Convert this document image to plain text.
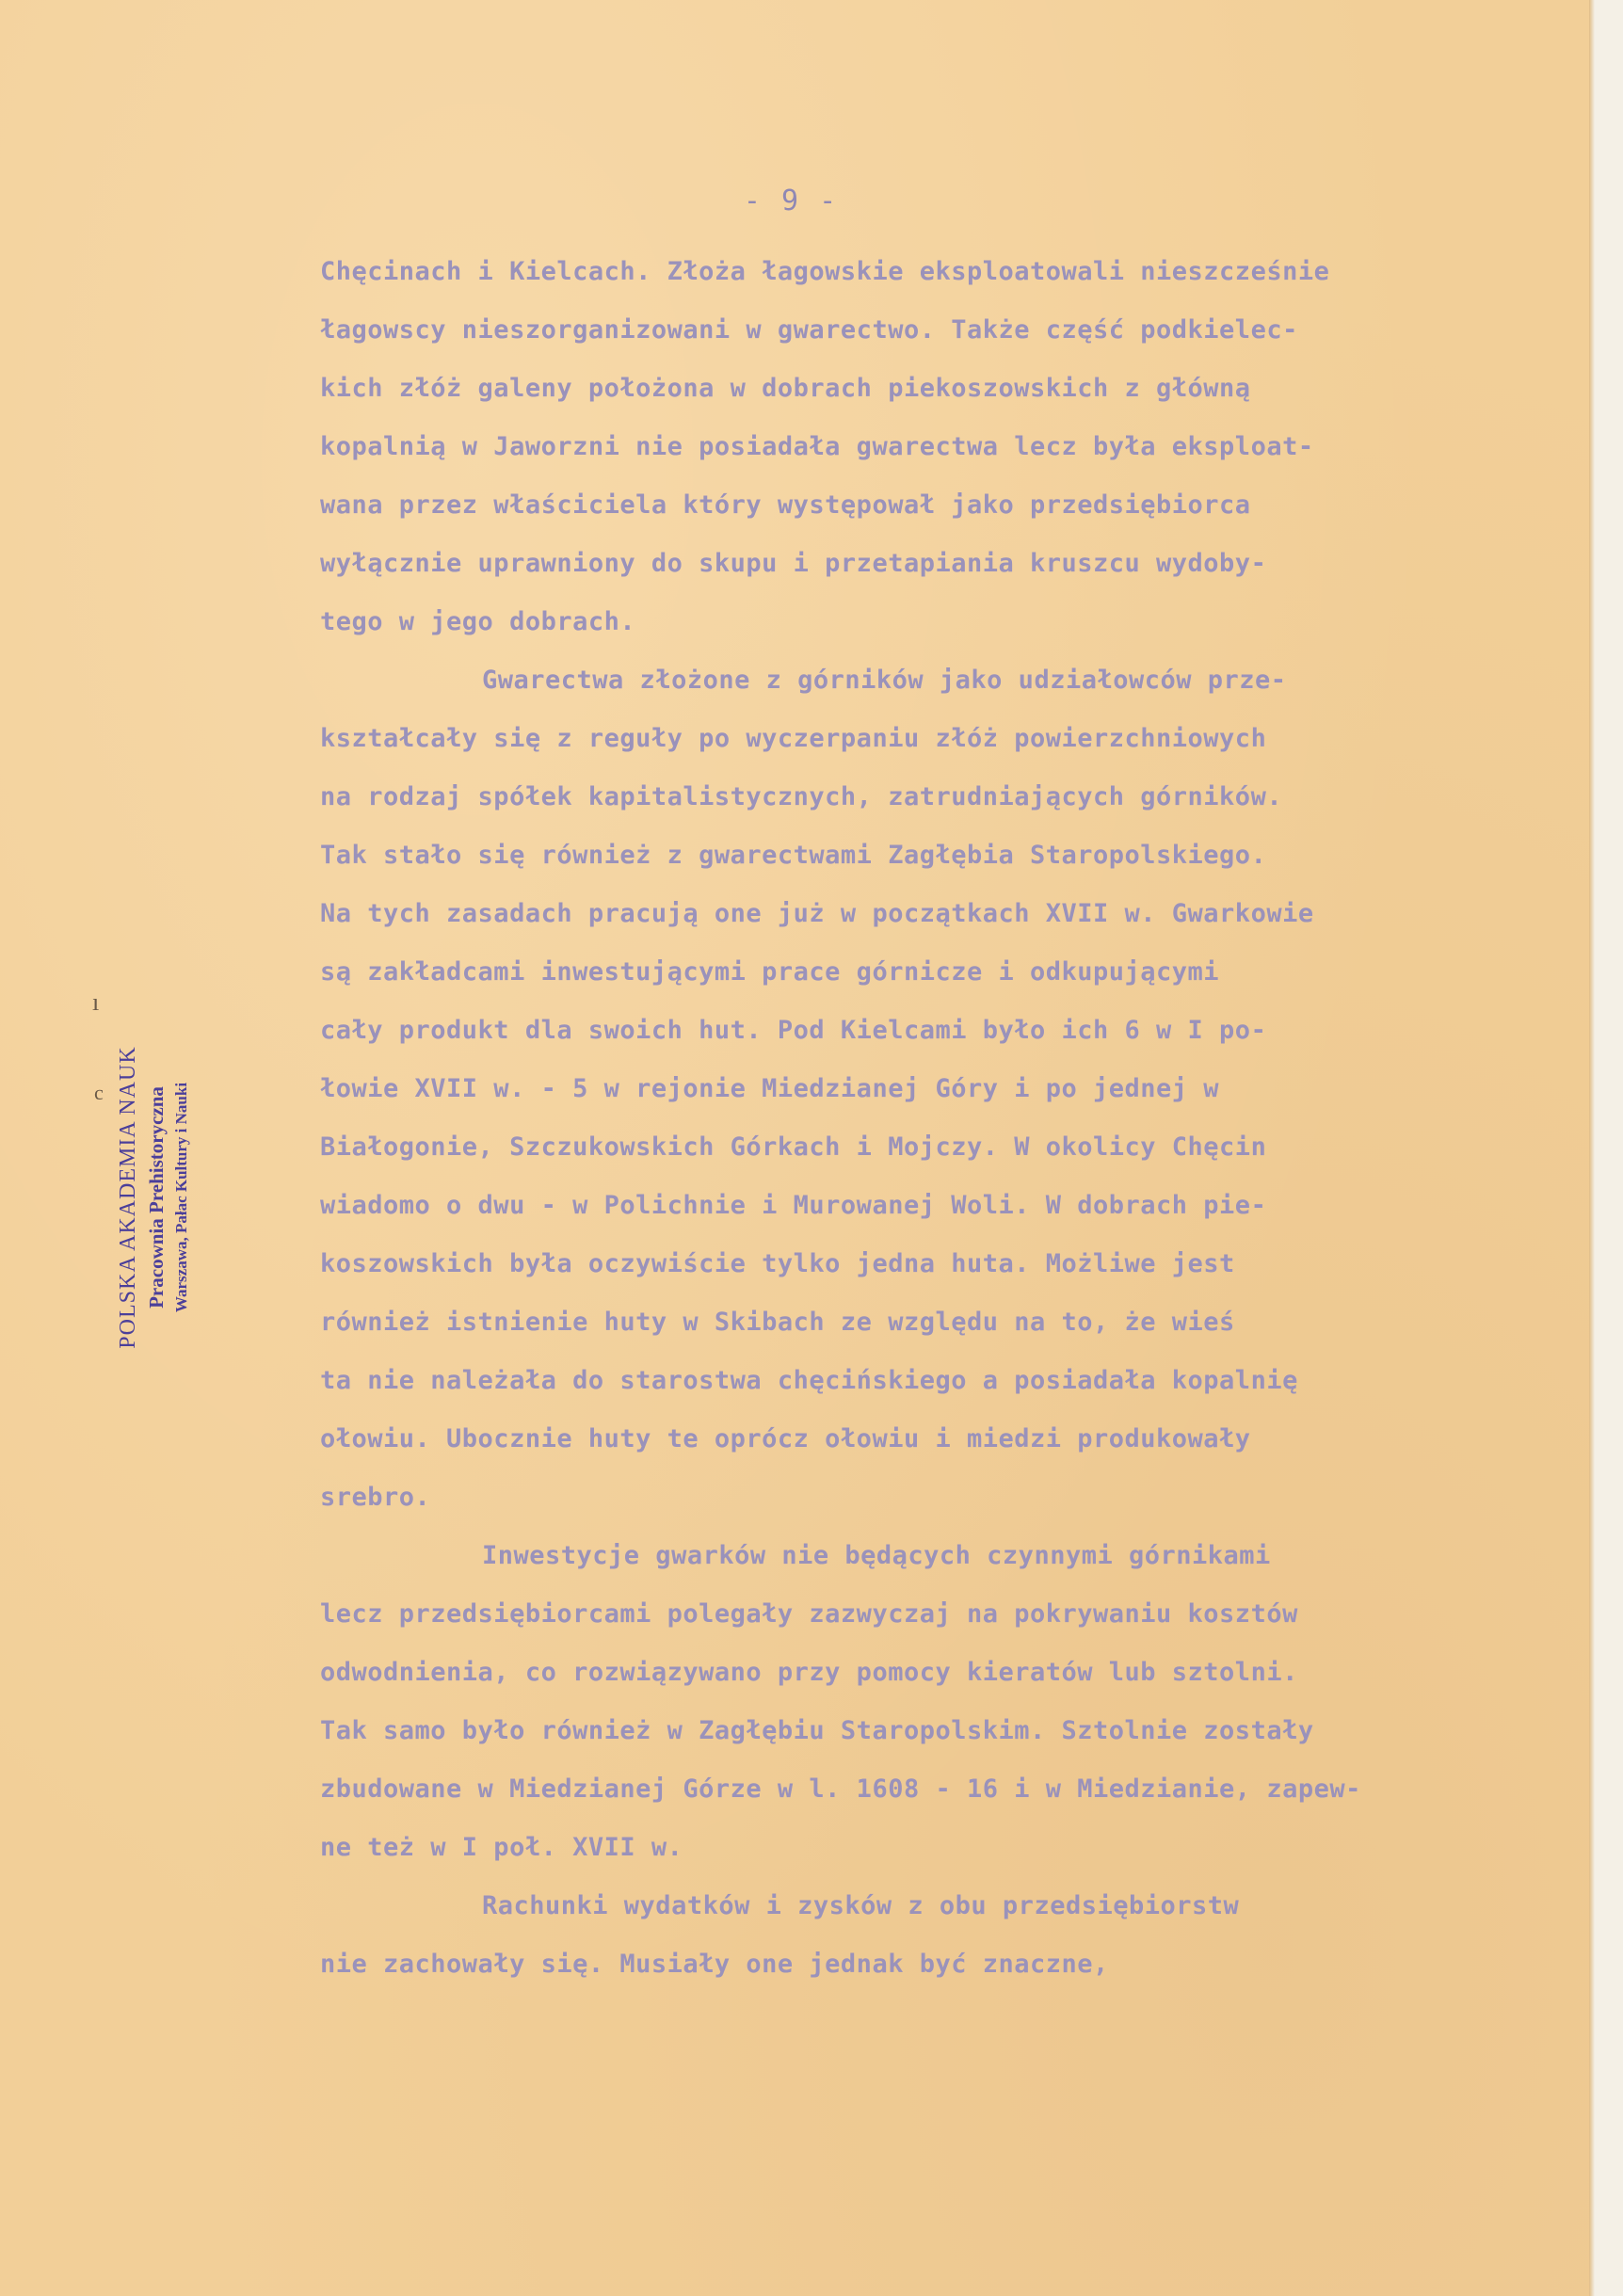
- 9 -

Chęcinach i Kielcach. Złoża łagowskie eksploatowali nieszcześnie
łagowscy nieszorganizowani w gwarectwo. Także część podkielec-
kich złóż galeny położona w dobrach piekoszowskich z główną
kopalnią w Jaworzni nie posiadała gwarectwa lecz była eksploat-
wana przez właściciela który występował jako przedsiębiorca
wyłącznie uprawniony do skupu i przetapiania kruszcu wydoby-
tego w jego dobrach.

Gwarectwa złożone z górników jako udziałowców prze-
kształcały się z reguły po wyczerpaniu złóż powierzchniowych
na rodzaj spółek kapitalistycznych, zatrudniających górników.
Tak stało się również z gwarectwami Zagłębia Staropolskiego.
Na tych zasadach pracują one już w początkach XVII w. Gwarkowie
są zakładcami inwestującymi prace górnicze i odkupującymi
cały produkt dla swoich hut. Pod Kielcami było ich 6 w I po-
łowie XVII w. - 5 w rejonie Miedzianej Góry i po jednej w
Białogonie, Szczukowskich Górkach i Mojczy. W okolicy Chęcin
wiadomo o dwu - w Polichnie i Murowanej Woli. W dobrach pie-
koszowskich była oczywiście tylko jedna huta. Możliwe jest
również istnienie huty w Skibach ze względu na to, że wieś
ta nie należała do starostwa chęcińskiego a posiadała kopalnię
ołowiu. Ubocznie huty te oprócz ołowiu i miedzi produkowały
srebro.

Inwestycje gwarków nie będących czynnymi górnikami
lecz przedsiębiorcami polegały zazwyczaj na pokrywaniu kosztów
odwodnienia, co rozwiązywano przy pomocy kieratów lub sztolni.
Tak samo było również w Zagłębiu Staropolskim. Sztolnie zostały
zbudowane w Miedzianej Górze w l. 1608 - 16 i w Miedzianie, zapew-
ne też w I poł. XVII w.

Rachunki wydatków i zysków z obu przedsiębiorstw
nie zachowały się. Musiały one jednak być znaczne,

POLSKA AKADEMIA NAUK Pracownia Prehistoryczna Warszawa, Pałac Kultury i Nauki
ı
c
